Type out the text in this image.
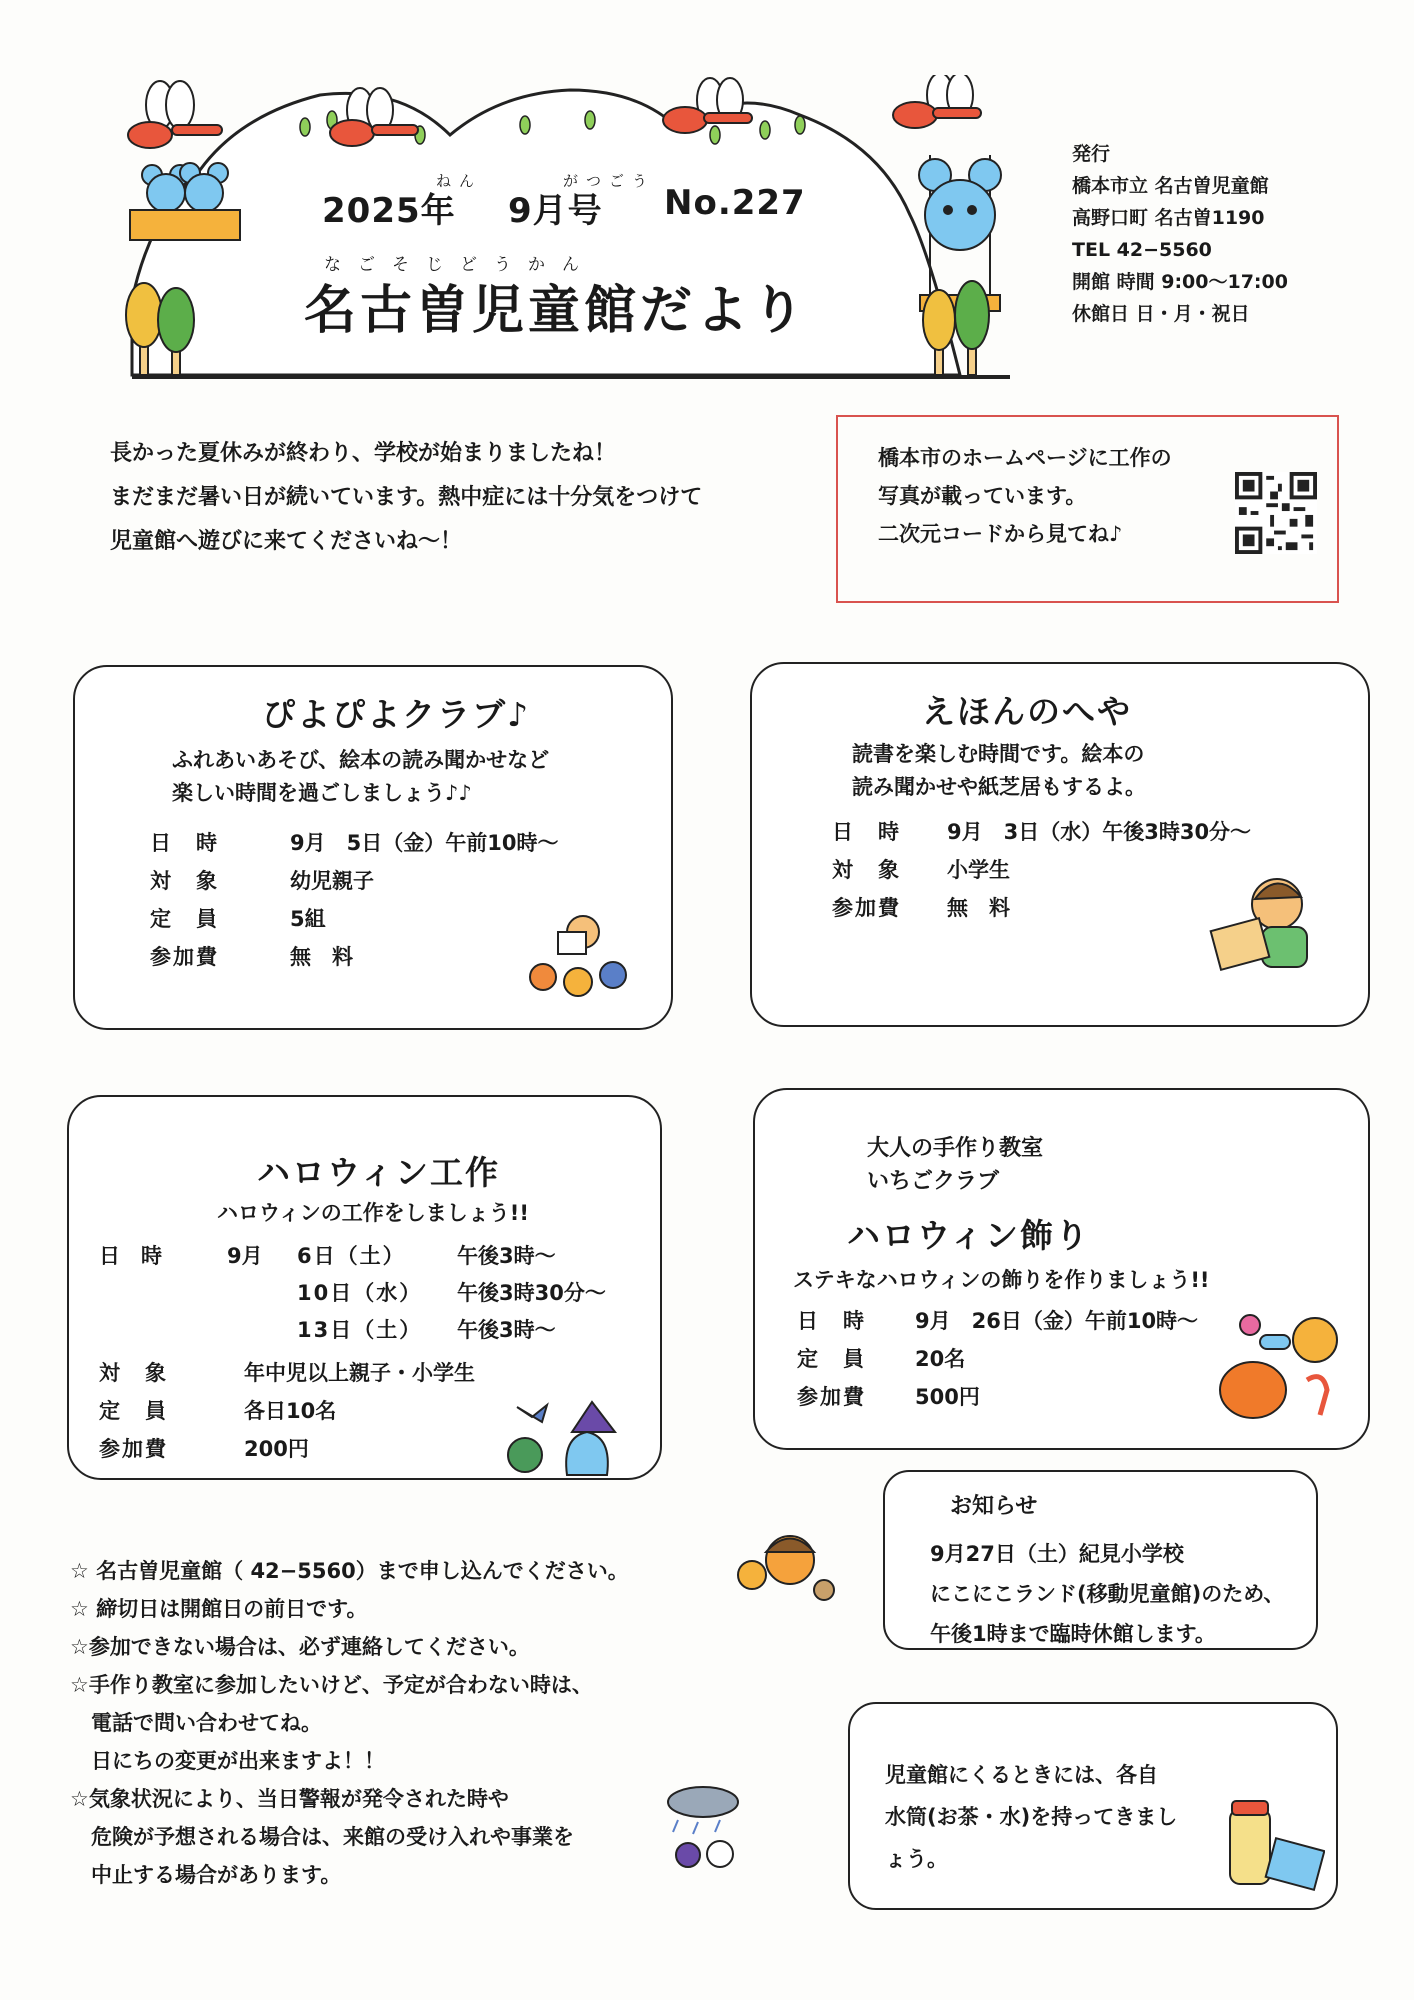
ねん	がつごう
2025年 9月号 No.227
なごそじどうかん
名古曽児童館だより
発行
橋本市立 名古曽児童館
高野口町 名古曽1190
TEL 42−5560
開館 時間 9:00〜17:00
休館日 日・月・祝日
長かった夏休みが終わり、学校が始まりましたね！
まだまだ暑い日が続いています。熱中症には十分気をつけて
児童館へ遊びに来てくださいね〜！
橋本市のホームページに工作の
写真が載っています。
二次元コードから見てね♪
ぴよぴよクラブ♪
ふれあいあそび、絵本の読み聞かせなど
楽しい時間を過ごしましょう♪♪
日　時	9月　5日（金）午前10時〜
対　象	幼児親子
定　員	5組
参加費	無　料
えほんのへや
読書を楽しむ時間です。絵本の
読み聞かせや紙芝居もするよ。
日　時 9月　3日（水）午後3時30分〜
対　象 小学生
参加費 無　料
ハロウィン工作
ハロウィンの工作をしましょう!!
日　時	9月 6日（土） 午後3時〜
10日（水） 午後3時30分〜
13日（土） 午後3時〜
対　象	年中児以上親子・小学生
定　員	各日10名
参加費	200円
大人の手作り教室
いちごクラブ
ハロウィン飾り
ステキなハロウィンの飾りを作りましょう!!
日　時 9月　26日（金）午前10時〜
定　員 20名
参加費 500円
お知らせ
9月27日（土）紀見小学校
にこにこランド(移動児童館)のため、
午後1時まで臨時休館します。
児童館にくるときには、各自
水筒(お茶・水)を持ってきまし
ょう。
☆ 名古曽児童館（ 42−5560）まで申し込んでください。
☆ 締切日は開館日の前日です。
☆参加できない場合は、必ず連絡してください。
☆手作り教室に参加したいけど、予定が合わない時は、
　電話で問い合わせてね。
　日にちの変更が出来ますよ！！
☆気象状況により、当日警報が発令された時や
　危険が予想される場合は、来館の受け入れや事業を
　中止する場合があります。
